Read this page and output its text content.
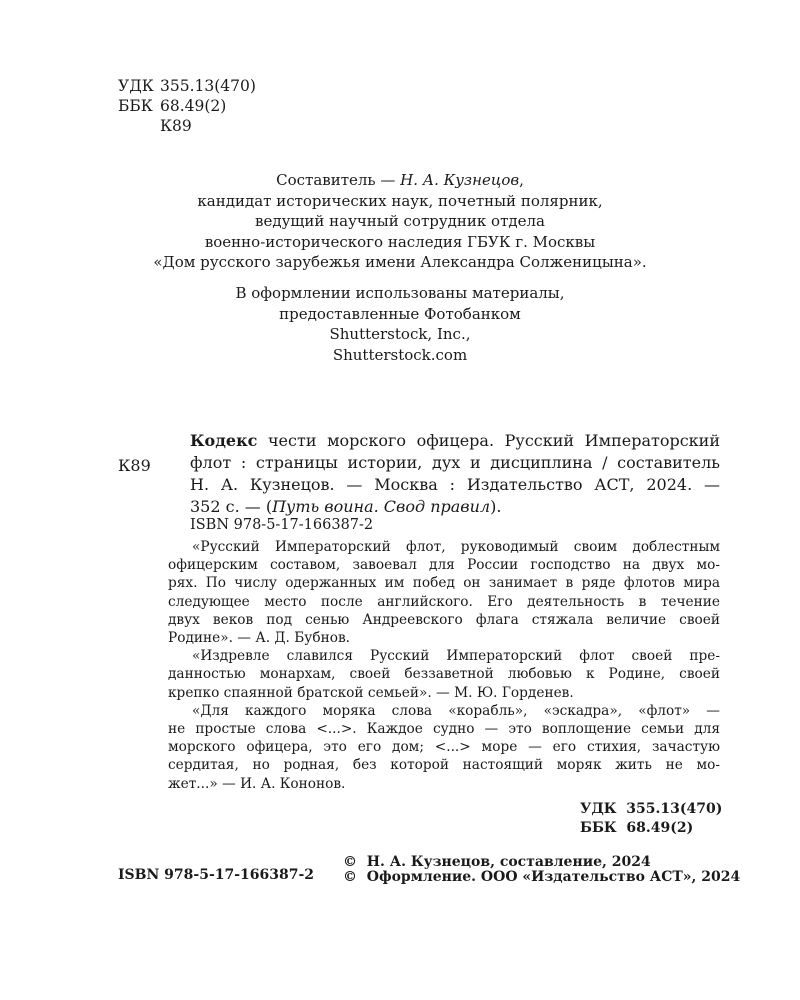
УДК 355.13(470)
ББК 68.49(2)
К89
Составитель — Н. А. Кузнецов,
кандидат исторических наук, почетный полярник,
ведущий научный сотрудник отдела
военно-исторического наследия ГБУК г. Москвы
«Дом русского зарубежья имени Александра Солженицына».
В оформлении использованы материалы,
предоставленные Фотобанком
Shutterstock, Inc.,
Shutterstock.com
К89
Кодекс чести морского офицера. Русский Императорский
флот : страницы истории, дух и дисциплина / составитель
Н. А. Кузнецов. — Москва : Издательство АСТ, 2024. —
352 с. — (Путь воина. Свод правил).
ISBN 978-5-17-166387-2
«Русский Императорский флот, руководимый своим доблестным
офицерским составом, завоевал для России господство на двух мо-
рях. По числу одержанных им побед он занимает в ряде флотов мира
следующее место после английского. Его деятельность в течение
двух веков под сенью Андреевского флага стяжала величие своей
Родине». — А. Д. Бубнов.
«Издревле славился Русский Императорский флот своей пре-
данностью монархам, своей беззаветной любовью к Родине, своей
крепко спаянной братской семьей». — М. Ю. Горденев.
«Для каждого моряка слова «корабль», «эскадра», «флот» —
не простые слова <...>. Каждое судно — это воплощение семьи для
морского офицера, это его дом; <...> море — его стихия, зачастую
сердитая, но родная, без которой настоящий моряк жить не мо-
жет...» — И. А. Кононов.
УДК  355.13(470)
ББК  68.49(2)
©  Н. А. Кузнецов, составление, 2024
ISBN 978-5-17-166387-2 ©  Оформление. ООО «Издательство АСТ», 2024
